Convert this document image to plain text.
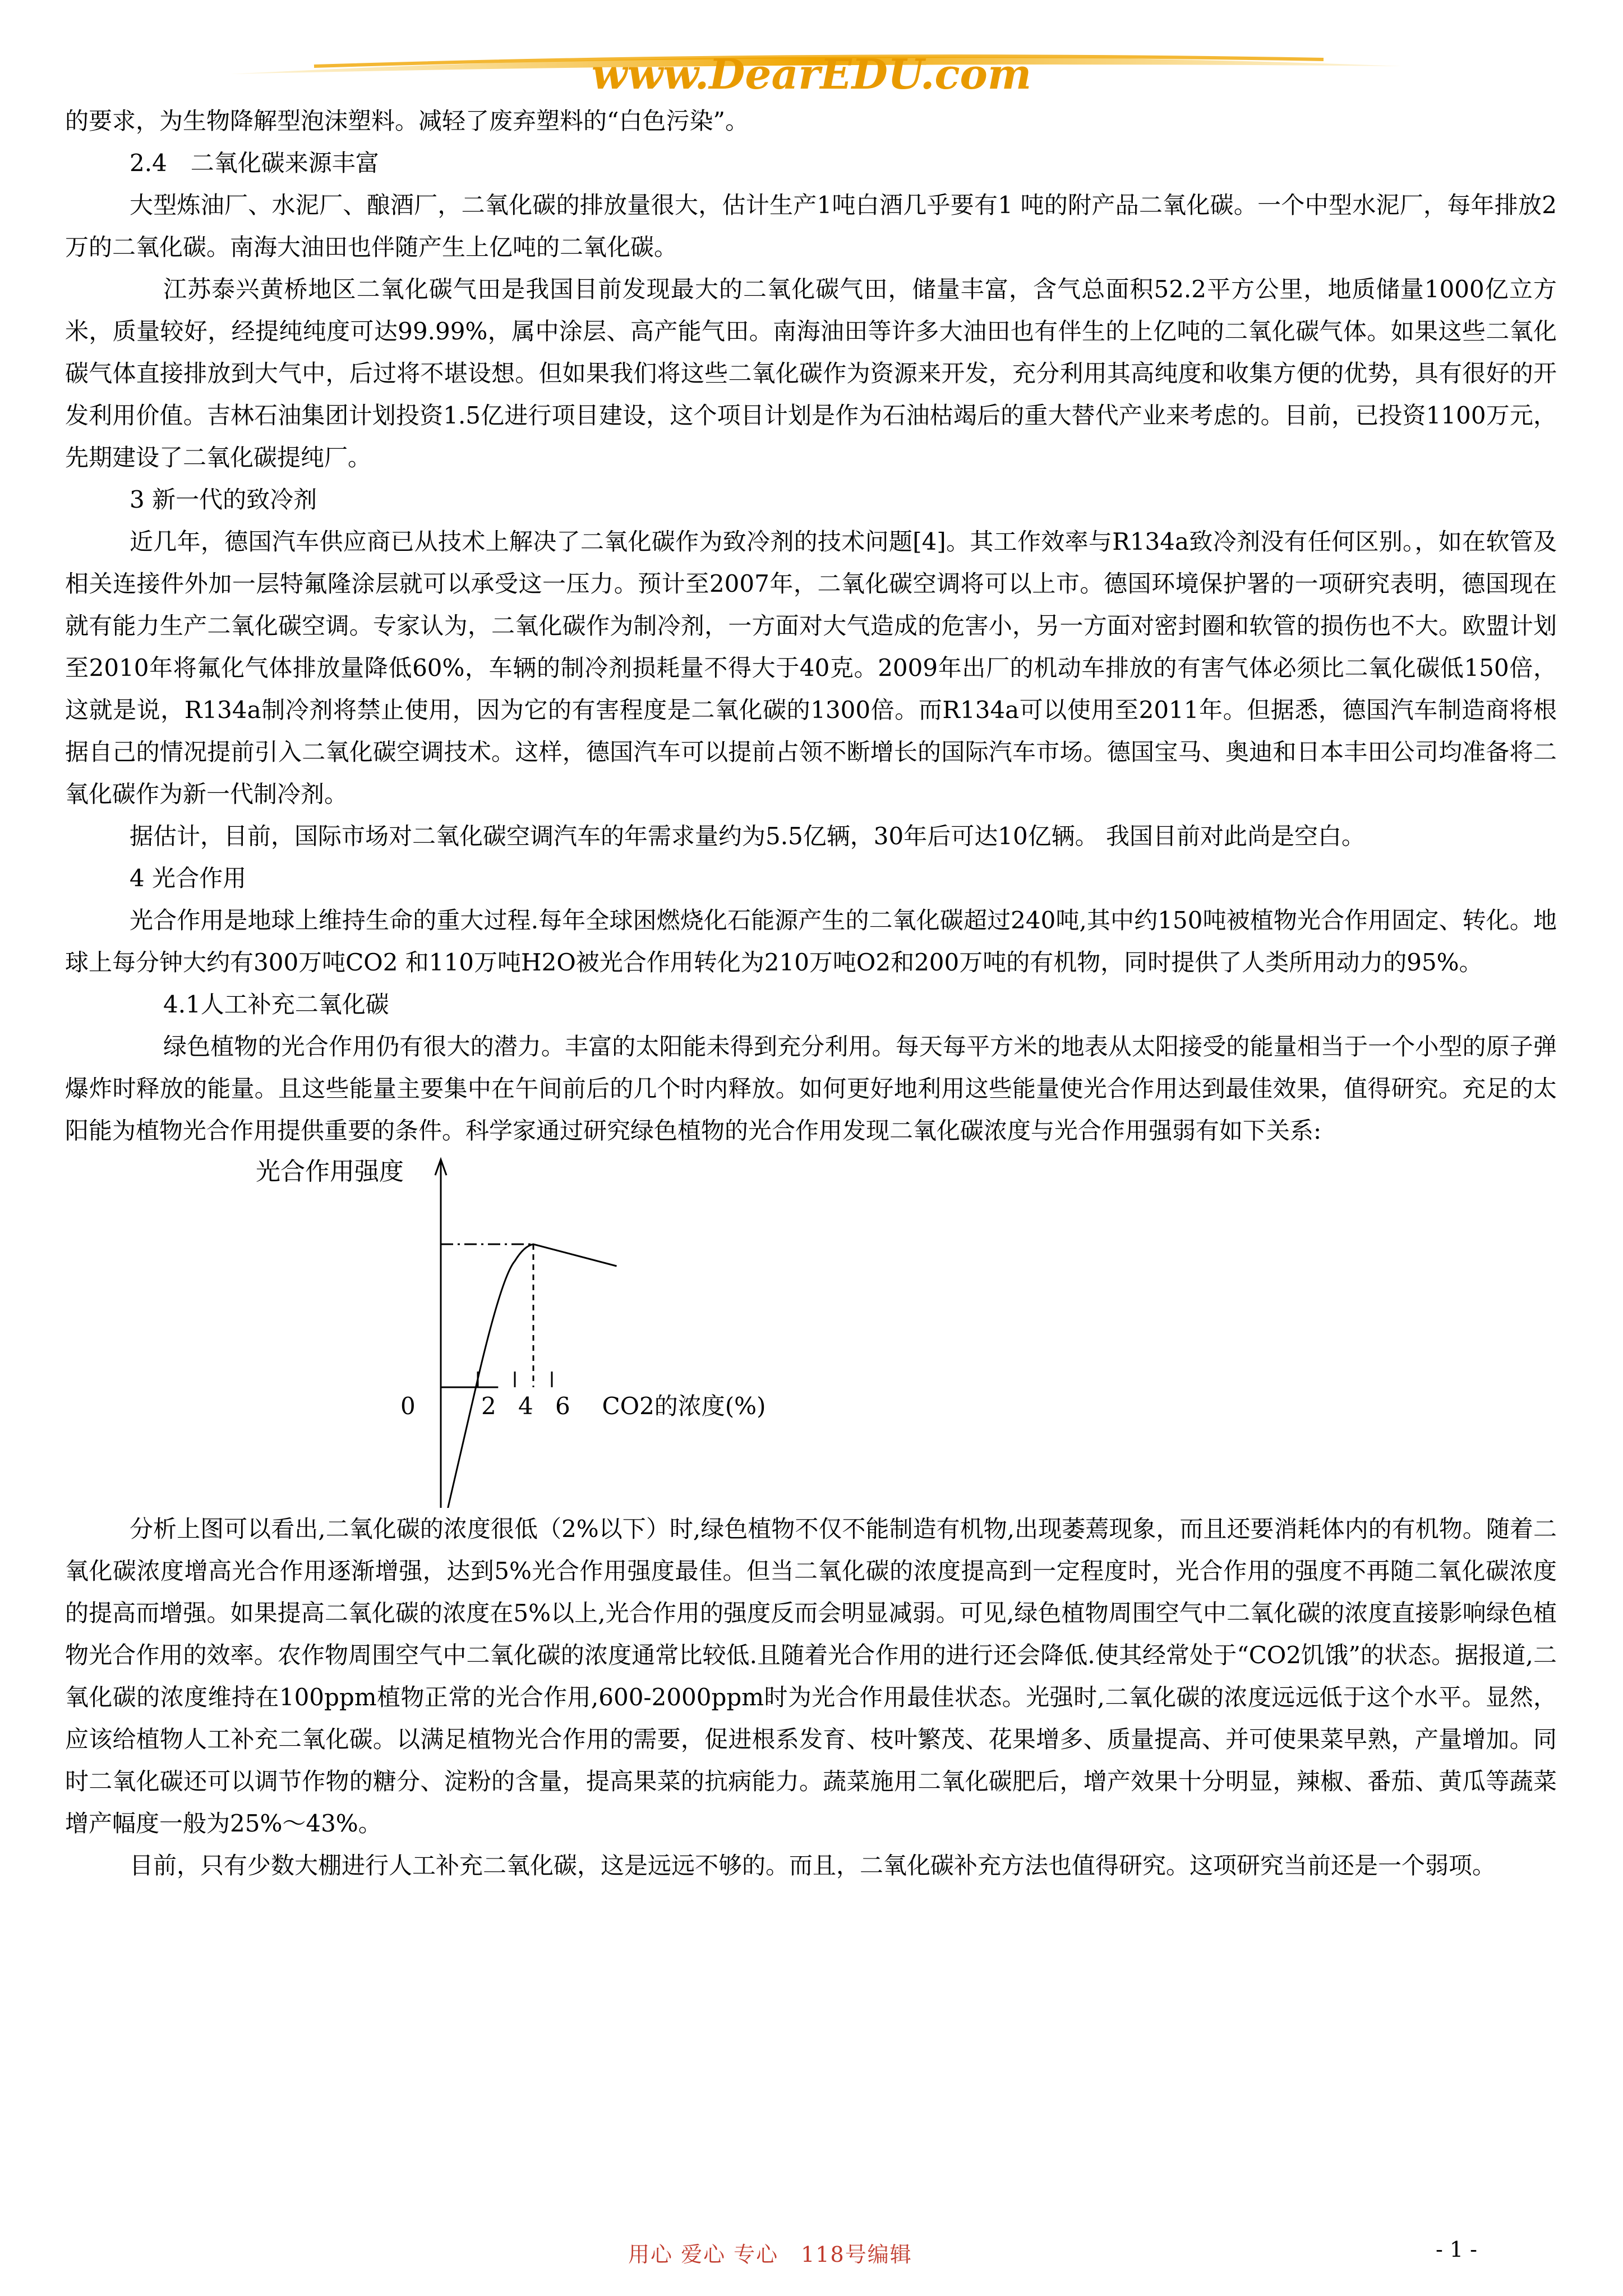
www.DearEDU.com

的要求，为生物降解型泡沫塑料。减轻了废弃塑料的“白色污染”。

2.4　二氧化碳来源丰富

大型炼油厂、水泥厂、酿酒厂，二氧化碳的排放量很大，估计生产1吨白酒几乎要有1 吨的附产品二氧化碳。一个中型水泥厂，每年排放2万的二氧化碳。南海大油田也伴随产生上亿吨的二氧化碳。

江苏泰兴黄桥地区二氧化碳气田是我国目前发现最大的二氧化碳气田，储量丰富，含气总面积52.2平方公里，地质储量1000亿立方米，质量较好，经提纯纯度可达99.99%，属中涂层、高产能气田。南海油田等许多大油田也有伴生的上亿吨的二氧化碳气体。如果这些二氧化碳气体直接排放到大气中，后过将不堪设想。但如果我们将这些二氧化碳作为资源来开发，充分利用其高纯度和收集方便的优势，具有很好的开发利用价值。吉林石油集团计划投资1.5亿进行项目建设，这个项目计划是作为石油枯竭后的重大替代产业来考虑的。目前，已投资1100万元，先期建设了二氧化碳提纯厂。

3 新一代的致冷剂

近几年，德国汽车供应商已从技术上解决了二氧化碳作为致冷剂的技术问题[4]。其工作效率与R134a致冷剂没有任何区别。，如在软管及相关连接件外加一层特氟隆涂层就可以承受这一压力。预计至2007年，二氧化碳空调将可以上市。德国环境保护署的一项研究表明，德国现在就有能力生产二氧化碳空调。专家认为，二氧化碳作为制冷剂，一方面对大气造成的危害小，另一方面对密封圈和软管的损伤也不大。欧盟计划至2010年将氟化气体排放量降低60%，车辆的制冷剂损耗量不得大于40克。2009年出厂的机动车排放的有害气体必须比二氧化碳低150倍，这就是说，R134a制冷剂将禁止使用，因为它的有害程度是二氧化碳的1300倍。而R134a可以使用至2011年。但据悉，德国汽车制造商将根据自己的情况提前引入二氧化碳空调技术。这样，德国汽车可以提前占领不断增长的国际汽车市场。德国宝马、奥迪和日本丰田公司均准备将二氧化碳作为新一代制冷剂。

据估计，目前，国际市场对二氧化碳空调汽车的年需求量约为5.5亿辆，30年后可达10亿辆。 我国目前对此尚是空白。

4 光合作用

光合作用是地球上维持生命的重大过程.每年全球困燃烧化石能源产生的二氧化碳超过240吨,其中约150吨被植物光合作用固定、转化。地球上每分钟大约有300万吨CO2 和110万吨H2O被光合作用转化为210万吨O2和200万吨的有机物，同时提供了人类所用动力的95%。

4.1人工补充二氧化碳

绿色植物的光合作用仍有很大的潜力。丰富的太阳能未得到充分利用。每天每平方米的地表从太阳接受的能量相当于一个小型的原子弹爆炸时释放的能量。且这些能量主要集中在午间前后的几个时内释放。如何更好地利用这些能量使光合作用达到最佳效果，值得研究。充足的太阳能为植物光合作用提供重要的条件。科学家通过研究绿色植物的光合作用发现二氧化碳浓度与光合作用强弱有如下关系:

2 4 6
0
光合作用强度
CO2的浓度(%)

分析上图可以看出,二氧化碳的浓度很低（2%以下）时,绿色植物不仅不能制造有机物,出现萎蔫现象，而且还要消耗体内的有机物。随着二氧化碳浓度增高光合作用逐渐增强，达到5%光合作用强度最佳。但当二氧化碳的浓度提高到一定程度时，光合作用的强度不再随二氧化碳浓度的提高而增强。如果提高二氧化碳的浓度在5%以上,光合作用的强度反而会明显减弱。可见,绿色植物周围空气中二氧化碳的浓度直接影响绿色植物光合作用的效率。农作物周围空气中二氧化碳的浓度通常比较低.且随着光合作用的进行还会降低.使其经常处于“CO2饥饿”的状态。据报道,二氧化碳的浓度维持在100ppm植物正常的光合作用,600-2000ppm时为光合作用最佳状态。光强时,二氧化碳的浓度远远低于这个水平。显然，应该给植物人工补充二氧化碳。以满足植物光合作用的需要，促进根系发育、枝叶繁茂、花果增多、质量提高、并可使果菜早熟，产量增加。同时二氧化碳还可以调节作物的糖分、淀粉的含量，提高果菜的抗病能力。蔬菜施用二氧化碳肥后，增产效果十分明显，辣椒、番茄、黄瓜等蔬菜增产幅度一般为25%～43%。

目前，只有少数大棚进行人工补充二氧化碳，这是远远不够的。而且，二氧化碳补充方法也值得研究。这项研究当前还是一个弱项。

用心 爱心 专心　118号编辑	- 1 -
